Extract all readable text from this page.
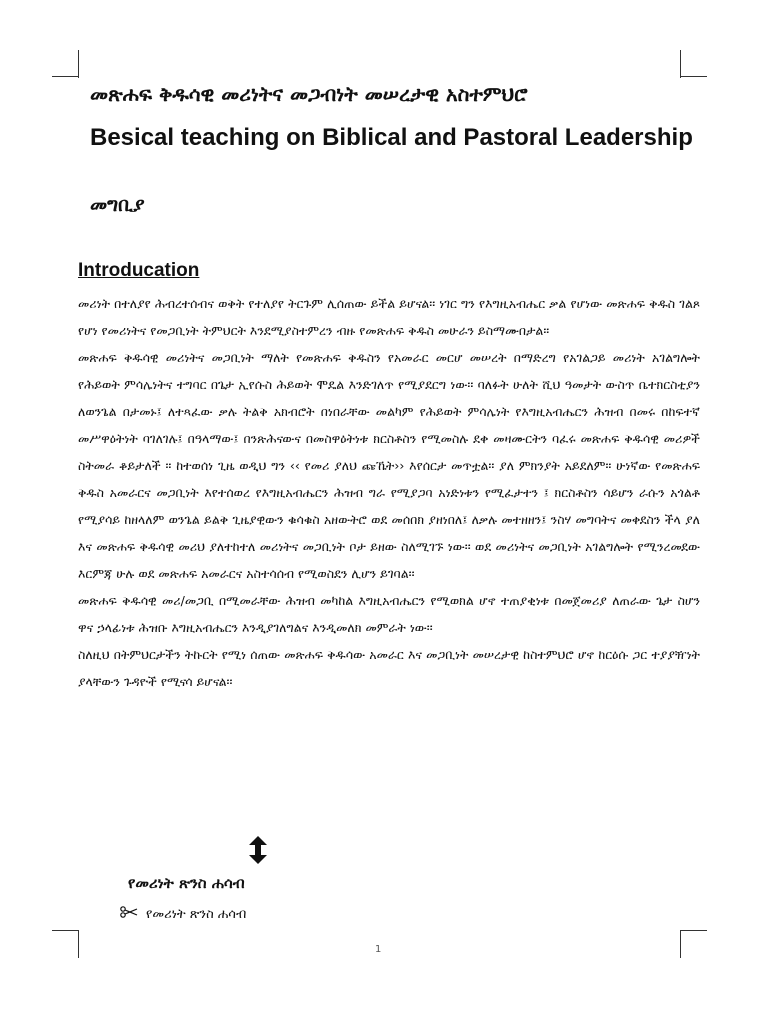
መጽሐፍ ቅዱሳዊ መሪነትና መጋብነት መሠረታዊ አስተምህሮ
Besical teaching on Biblical and Pastoral Leadership
መግቢያ
Introducation

መሪነት በተለያየ ሕብረተሰብና ወቅት የተለያየ ትርጉም ሊሰጠው ይችል ይሆናል፡፡ ነገር ግን የእግዚአብሔር ቃል የሆነው መጽሐፍ ቅዱስ ገልጾ የሆነ የመሪነትና የመጋቢነት ትምህርት እንደሚያስተምረን ብዙ የመጽሐፍ ቅዱስ መሁራን ይስማሙበታል፡፡

መጽሐፍ ቅዱሳዊ መሪነትና መጋቢነት ማለት የመጽሐፍ ቅዱስን የአመራር መርሆ መሠረት በማድረግ የአገልጋይ መሪነት አገልግሎት የሕይወት ምሳሌነትና ተግባር በጌታ ኢየሱስ ሕይወት ሞዴል እንድገለጥ የሚያደርግ ነው፡፡ ባለፉት ሁለት ሺህ ዓመታት ውስጥ ቤተክርስቲያን ለወንጌል በታመኑ፤ ለተጻፈው ቃሉ ትልቅ አክብሮት በነበራቸው መልካም የሕይወት ምሳሌነት የእግዚአብሔርን ሕዝብ በመሩ በከፍተኛ መሥዋዕትነት ባገለገሉ፤ በዓላማው፤ በንጽሕናውና በመስዋዕትነቱ ክርስቶስን የሚመስሉ ደቀ መዛሙርትን ባፈሩ መጽሐፍ ቅዱሳዊ መሪዎች ስትመራ ቆይታለች ፡፡ ከተወሰነ ጊዜ ወዲህ ግን ‹‹ የመሪ ያለህ ጩኼት›› እየሰርታ መጥቷል፡፡ ያለ ምክንያት አይደለም፡፡ ሁነኛው የመጽሐፍ ቅዱስ አመራርና መጋቢነት እየተሰወረ የእግዚአብሔርን ሕዝብ ግራ የሚያጋባ አነድነቱን የሚፈታተን ፤ ክርስቶስን ሳይሆን ራሱን አጎልቶ የሚያሳይ ከዘላለም ወንጌል ይልቅ ጊዜያዊውን ቁሳቁስ አዘውትሮ ወደ መሰበክ ያዘነበለ፤ ለቃሉ መተዘዘን፤ ንስሃ መግባትና መቀደስን ችላ ያለ እና መጽሐፍ ቅዱሳዊ መሪህ ያለተከተለ መሪነትና መጋቢነት ቦታ ይዘው ስለሚገኙ ነው፡፡ ወደ መሪነትና መጋቢነት አገልግሎት የሚንረመደው እርምጃ ሁሉ ወደ መጽሐፍ አመራርና አስተሳሰብ የሚወስደን ሊሆን ይገባል፡፡

መጽሐፍ ቅዱሳዊ መሪ/መጋቢ በሚመራቸው ሕዝብ መካከል እግዚአብሔርን የሚወክል ሆኖ ተጠያቂነቱ በመጀመሪያ ለጠራው ጌታ ስሆን ዋና ኃላፊነቱ ሕዝቡ እግዚአብሔርን እንዲያገለግልና እንዲመለክ መምራት ነው፡፡

ስለዚህ በትምህርታችን ትኩርት የሚነ ሰጠው መጽሐፍ ቅዱሳው አመራር እና መጋቢነት መሠረታዊ ከስተምህሮ ሆኖ ከርዕሱ ጋር ተያያዥነት ያላቸውን ጉዳዮች የሚናሳ ይሆናል፡፡

የመሪነት ጽንስ ሐሳብ
የመሪነት ጽንስ ሐሳብ
1
